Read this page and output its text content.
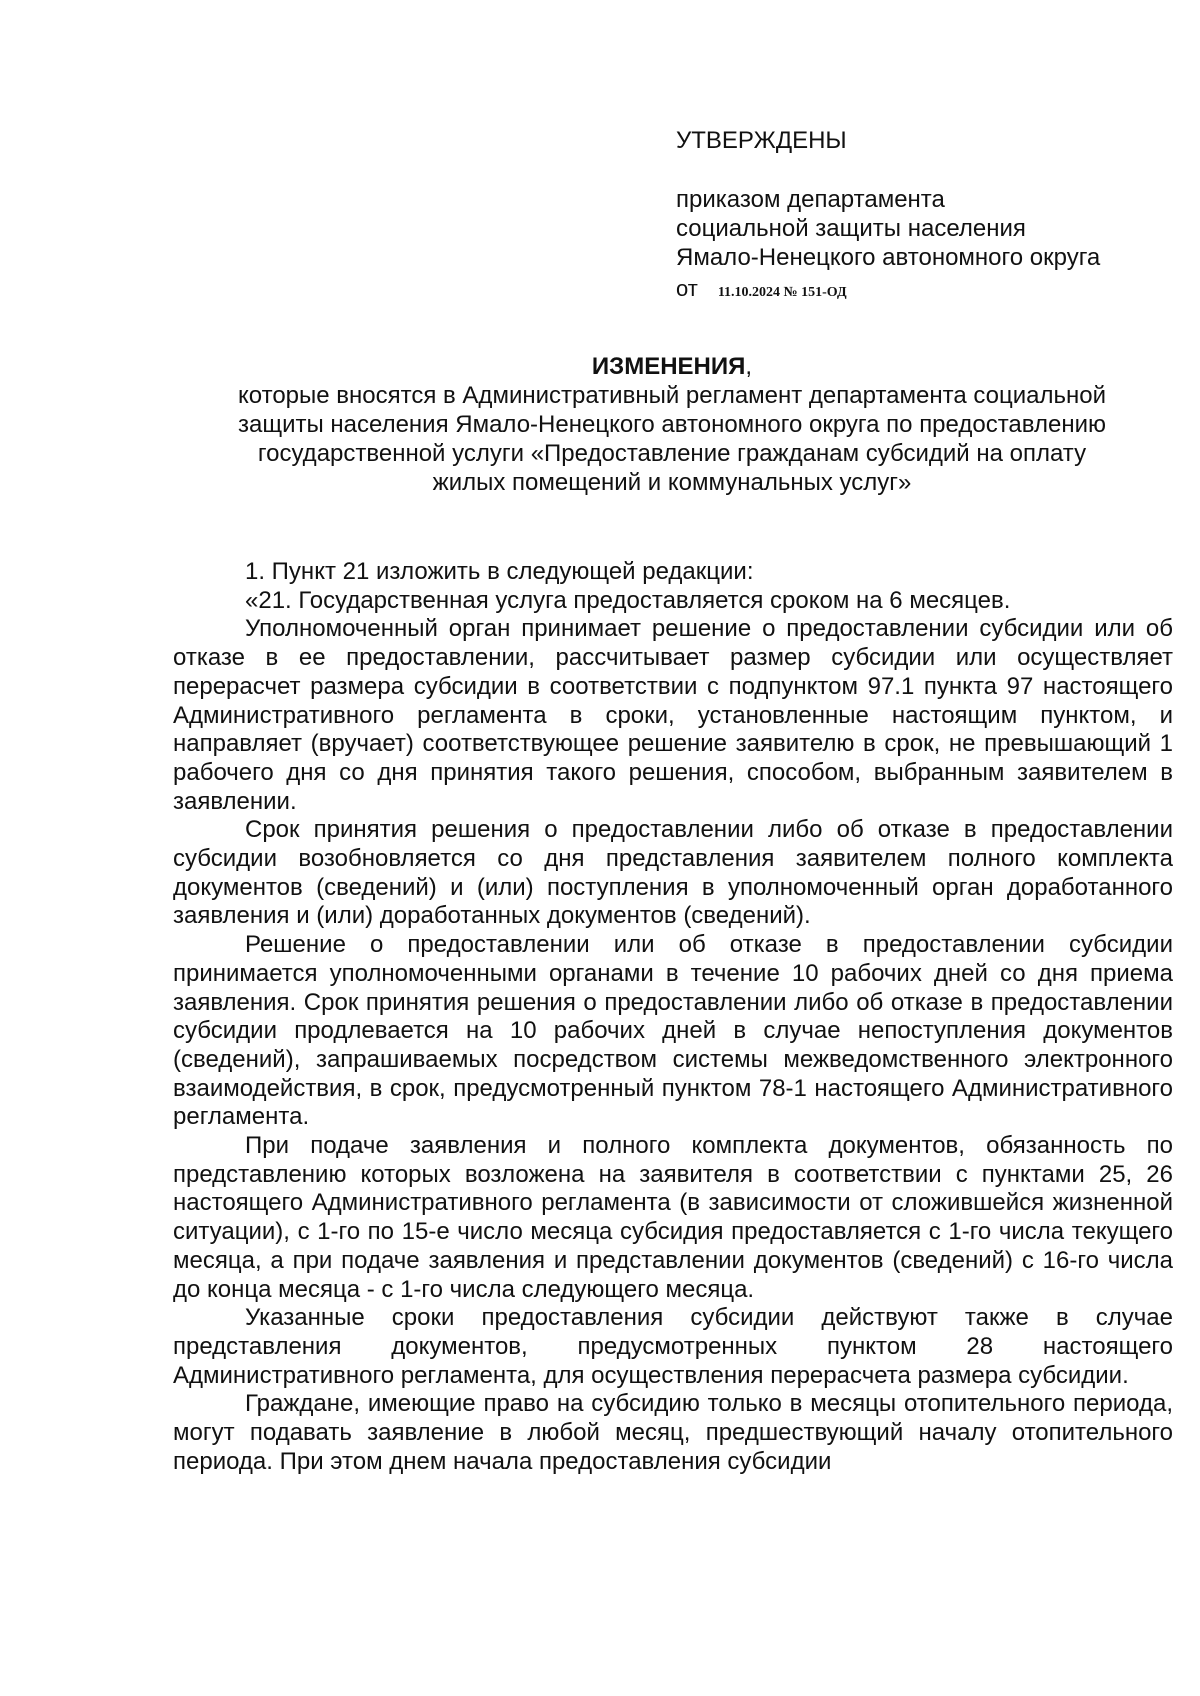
УТВЕРЖДЕНЫ
приказом департамента
социальной защиты населения
Ямало-Ненецкого автономного округа
от 11.10.2024 № 151-ОД
ИЗМЕНЕНИЯ,
которые вносятся в Административный регламент департамента социальной
защиты населения Ямало-Ненецкого автономного округа по предоставлению
государственной услуги «Предоставление гражданам субсидий на оплату
жилых помещений и коммунальных услуг»

1. Пункт 21 изложить в следующей редакции:

«21. Государственная услуга предоставляется сроком на 6 месяцев.

Уполномоченный орган принимает решение о предоставлении субсидии или об отказе в ее предоставлении, рассчитывает размер субсидии или осуществляет перерасчет размера субсидии в соответствии с подпунктом 97.1 пункта 97 настоящего Административного регламента в сроки, установленные настоящим пунктом, и направляет (вручает) соответствующее решение заявителю в срок, не превышающий 1 рабочего дня со дня принятия такого решения, способом, выбранным заявителем в заявлении.

Срок принятия решения о предоставлении либо об отказе в предоставлении субсидии возобновляется со дня представления заявителем полного комплекта документов (сведений) и (или) поступления в уполномоченный орган доработанного заявления и (или) доработанных документов (сведений).

Решение о предоставлении или об отказе в предоставлении субсидии принимается уполномоченными органами в течение 10 рабочих дней со дня приема заявления. Срок принятия решения о предоставлении либо об отказе в предоставлении субсидии продлевается на 10 рабочих дней в случае непоступления документов (сведений), запрашиваемых посредством системы межведомственного электронного взаимодействия, в срок, предусмотренный пунктом 78-1 настоящего Административного регламента.

При подаче заявления и полного комплекта документов, обязанность по представлению которых возложена на заявителя в соответствии с пунктами 25, 26 настоящего Административного регламента (в зависимости от сложившейся жизненной ситуации), с 1-го по 15-е число месяца субсидия предоставляется с 1-го числа текущего месяца, а при подаче заявления и представлении документов (сведений) с 16-го числа до конца месяца - с 1-го числа следующего месяца.

Указанные сроки предоставления субсидии действуют также в случае представления документов, предусмотренных пунктом 28 настоящего Административного регламента, для осуществления перерасчета размера субсидии.

Граждане, имеющие право на субсидию только в месяцы отопительного периода, могут подавать заявление в любой месяц, предшествующий началу отопительного периода. При этом днем начала предоставления субсидии
